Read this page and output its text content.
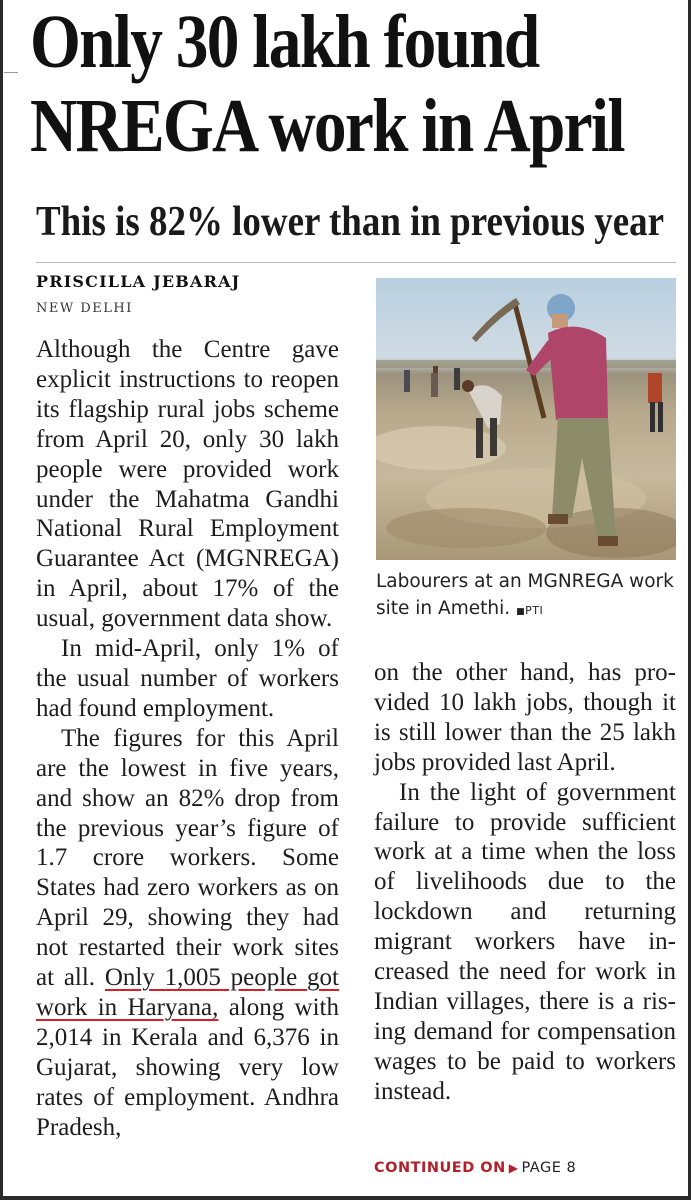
Only 30 lakh found
NREGA work in April
This is 82% lower than in previous year
PRISCILLA JEBARAJ
NEW DELHI

Although the Centre gave explicit instructions to reopen its flagship rural jobs scheme from April 20, only 30 lakh people were provided work under the Mahatma Gandhi National Rural Employment Guarantee Act (MGNREGA) in April, about 17% of the usual, government data show.

In mid-April, only 1% of the usual number of workers had found employment.

The figures for this April are the lowest in five years, and show an 82% drop from the previous year’s figure of 1.7 crore workers. Some States had zero workers as on April 29, showing they had not restarted their work sites at all. Only 1,005 people got work in Haryana, along with 2,014 in Kerala and 6,376 in Gujarat, showing very low rates of employment. Andhra Pradesh,

Labourers at an MGNREGA work site in Amethi. ■PTI

on the other hand, has provided 10 lakh jobs, though it is still lower than the 25 lakh jobs provided last April.

In the light of government failure to provide sufficient work at a time when the loss of livelihoods due to the lockdown and returning migrant workers have increased the need for work in Indian villages, there is a rising demand for compensation wages to be paid to workers instead.

CONTINUED ON ▶ PAGE 8
